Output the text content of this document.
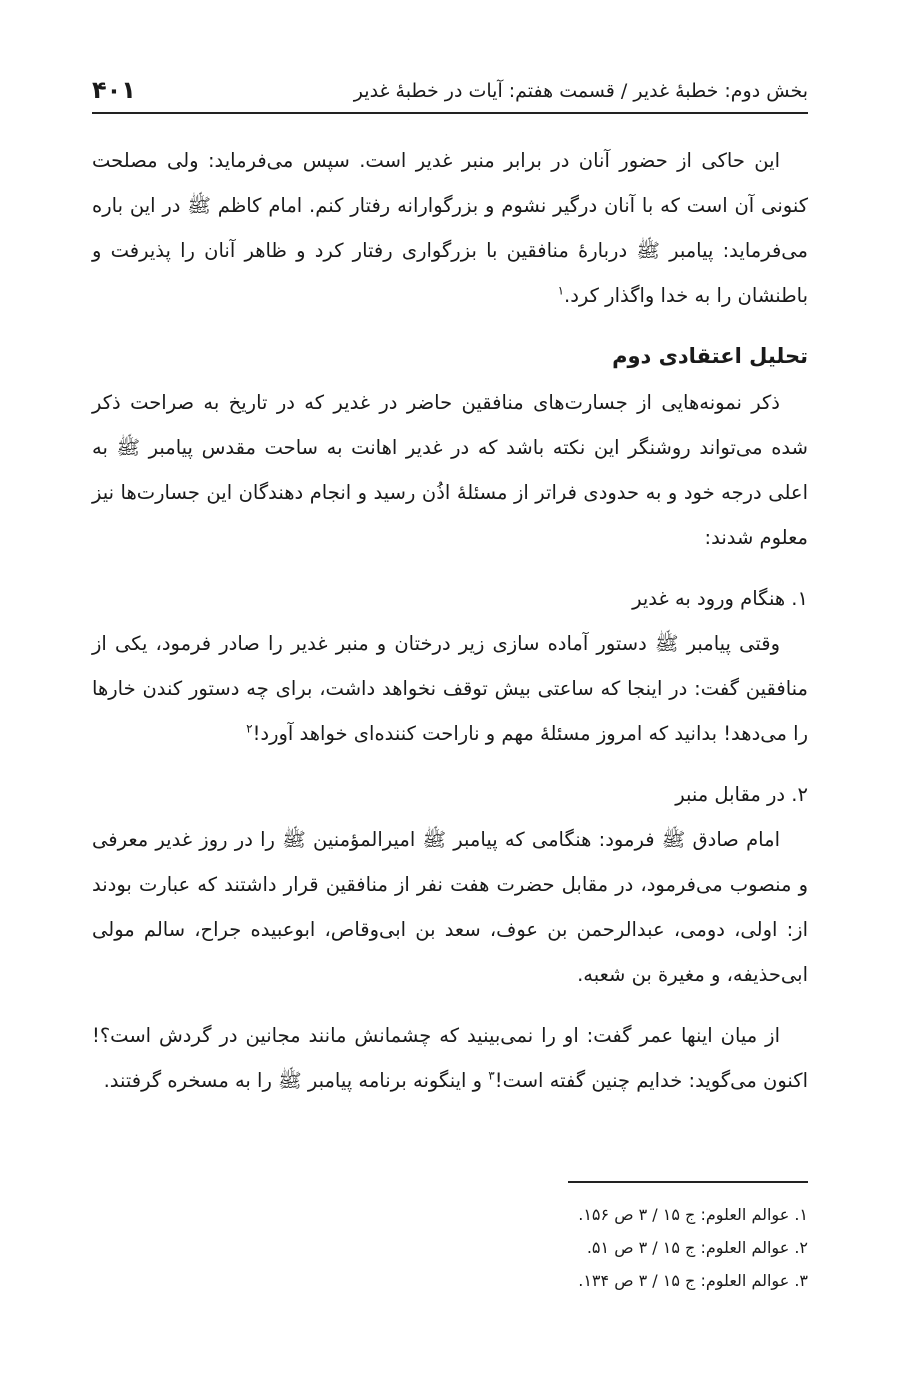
بخش دوم: خطبهٔ غدیر / قسمت هفتم: آیات در خطبهٔ غدیر
۴۰۱

این حاکی از حضور آنان در برابر منبر غدیر است. سپس می‌فرماید: ولی مصلحت کنونی آن است که با آنان درگیر نشوم و بزرگوارانه رفتار کنم. امام کاظم ﷺ در این باره می‌فرماید: پیامبر ﷺ دربارهٔ منافقین با بزرگواری رفتار کرد و ظاهر آنان را پذیرفت و باطنشان را به خدا واگذار کرد.$^۱$

تحلیل اعتقادی دوم

ذکر نمونه‌هایی از جسارت‌های منافقین حاضر در غدیر که در تاریخ به صراحت ذکر شده می‌تواند روشنگر این نکته باشد که در غدیر اهانت به ساحت مقدس پیامبر ﷺ به اعلی درجه خود و به حدودی فراتر از مسئلهٔ اذُن رسید و انجام دهندگان این جسارت‌ها نیز معلوم شدند:

۱. هنگام ورود به غدیر

وقتی پیامبر ﷺ دستور آماده سازی زیر درختان و منبر غدیر را صادر فرمود، یکی از منافقین گفت: در اینجا که ساعتی بیش توقف نخواهد داشت، برای چه دستور کندن خارها را می‌دهد! بدانید که امروز مسئلهٔ مهم و ناراحت کننده‌ای خواهد آورد!$^۲$

۲. در مقابل منبر

امام صادق ﷺ فرمود: هنگامی که پیامبر ﷺ امیرالمؤمنین ﷺ را در روز غدیر معرفی و منصوب می‌فرمود، در مقابل حضرت هفت نفر از منافقین قرار داشتند که عبارت بودند از: اولی، دومی، عبدالرحمن بن عوف، سعد بن ابی‌وقاص، ابوعبیده جراح، سالم مولی ابی‌حذیفه، و مغیرة بن شعبه.

از میان اینها عمر گفت: او را نمی‌بینید که چشمانش مانند مجانین در گردش است؟! اکنون می‌گوید: خدایم چنین گفته است!$^۳$ و اینگونه برنامه پیامبر ﷺ را به مسخره گرفتند.

۱. عوالم العلوم: ج ۱۵ / ۳ ص ۱۵۶.
۲. عوالم العلوم: ج ۱۵ / ۳ ص ۵۱.
۳. عوالم العلوم: ج ۱۵ / ۳ ص ۱۳۴.
